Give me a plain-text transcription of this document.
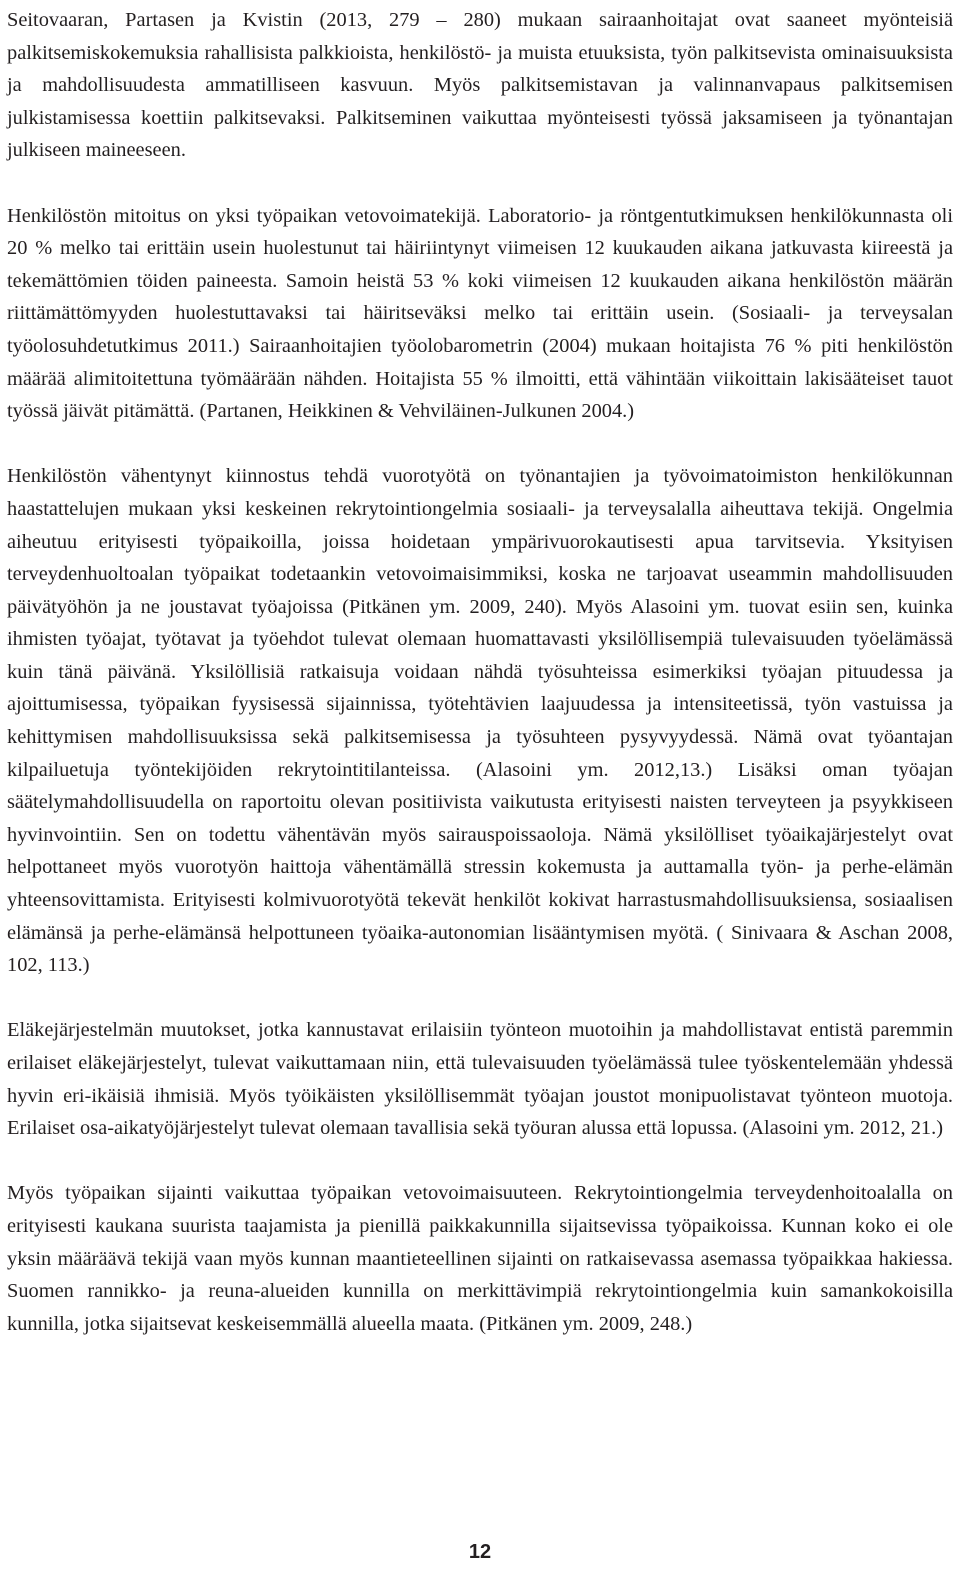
Seitovaaran, Partasen ja Kvistin (2013, 279 – 280) mukaan sairaanhoitajat ovat saaneet myönteisiä palkitsemiskokemuksia rahallisista palkkioista, henkilöstö- ja muista etuuksista, työn palkitsevista ominaisuuksista ja mahdollisuudesta ammatilliseen kasvuun. Myös palkitsemistavan ja valinnanvapaus palkitsemisen julkistamisessa koettiin palkitsevaksi. Palkitseminen vaikuttaa myönteisesti työssä jaksamiseen ja työnantajan julkiseen maineeseen.

Henkilöstön mitoitus on yksi työpaikan vetovoimatekijä. Laboratorio- ja röntgentutkimuksen henkilökunnasta oli 20 % melko tai erittäin usein huolestunut tai häiriintynyt viimeisen 12 kuukauden aikana jatkuvasta kiireestä ja tekemättömien töiden paineesta. Samoin heistä 53 % koki viimeisen 12 kuukauden aikana henkilöstön määrän riittämättömyyden huolestuttavaksi tai häiritseväksi melko tai erittäin usein. (Sosiaali- ja terveysalan työolosuhdetutkimus 2011.) Sairaanhoitajien työolobarometrin (2004) mukaan hoitajista 76 % piti henkilöstön määrää alimitoitettuna työmäärään nähden. Hoitajista 55 % ilmoitti, että vähintään viikoittain lakisääteiset tauot työssä jäivät pitämättä. (Partanen, Heikkinen & Vehviläinen-Julkunen 2004.)

Henkilöstön vähentynyt kiinnostus tehdä vuorotyötä on työnantajien ja työvoimatoimiston henkilökunnan haastattelujen mukaan yksi keskeinen rekrytointiongelmia sosiaali- ja terveysalalla aiheuttava tekijä. Ongelmia aiheutuu erityisesti työpaikoilla, joissa hoidetaan ympärivuorokautisesti apua tarvitsevia. Yksityisen terveydenhuoltoalan työpaikat todetaankin vetovoimaisimmiksi, koska ne tarjoavat useammin mahdollisuuden päivätyöhön ja ne joustavat työajoissa (Pitkänen ym. 2009, 240). Myös Alasoini ym. tuovat esiin sen, kuinka ihmisten työajat, työtavat ja työehdot tulevat olemaan huomattavasti yksilöllisempiä tulevaisuuden työelämässä kuin tänä päivänä. Yksilöllisiä ratkaisuja voidaan nähdä työsuhteissa esimerkiksi työajan pituudessa ja ajoittumisessa, työpaikan fyysisessä sijainnissa, työtehtävien laajuudessa ja intensiteetissä, työn vastuissa ja kehittymisen mahdollisuuksissa sekä palkitsemisessa ja työsuhteen pysyvyydessä. Nämä ovat työantajan kilpailuetuja työntekijöiden rekrytointitilanteissa. (Alasoini ym. 2012,13.) Lisäksi oman työajan säätelymahdollisuudella on raportoitu olevan positiivista vaikutusta erityisesti naisten terveyteen ja psyykkiseen hyvinvointiin. Sen on todettu vähentävän myös sairauspoissaoloja. Nämä yksilölliset työaikajärjestelyt ovat helpottaneet myös vuorotyön haittoja vähentämällä stressin kokemusta ja auttamalla työn- ja perhe-elämän yhteensovittamista. Erityisesti kolmivuorotyötä tekevät henkilöt kokivat harrastusmahdollisuuksiensa, sosiaalisen elämänsä ja perhe-elämänsä helpottuneen työaika-autonomian lisääntymisen myötä. ( Sinivaara & Aschan 2008, 102, 113.)

Eläkejärjestelmän muutokset, jotka kannustavat erilaisiin työnteon muotoihin ja mahdollistavat entistä paremmin erilaiset eläkejärjestelyt, tulevat vaikuttamaan niin, että tulevaisuuden työelämässä tulee työskentelemään yhdessä hyvin eri-ikäisiä ihmisiä. Myös työikäisten yksilöllisemmät työajan joustot monipuolistavat työnteon muotoja. Erilaiset osa-aikatyöjärjestelyt tulevat olemaan tavallisia sekä työuran alussa että lopussa. (Alasoini ym. 2012, 21.)

Myös työpaikan sijainti vaikuttaa työpaikan vetovoimaisuuteen. Rekrytointiongelmia terveydenhoitoalalla on erityisesti kaukana suurista taajamista ja pienillä paikkakunnilla sijaitsevissa työpaikoissa. Kunnan koko ei ole yksin määräävä tekijä vaan myös kunnan maantieteellinen sijainti on ratkaisevassa asemassa työpaikkaa hakiessa. Suomen rannikko- ja reuna-alueiden kunnilla on merkittävimpiä rekrytointiongelmia kuin samankokoisilla kunnilla, jotka sijaitsevat keskeisemmällä alueella maata. (Pitkänen ym. 2009, 248.)

12
